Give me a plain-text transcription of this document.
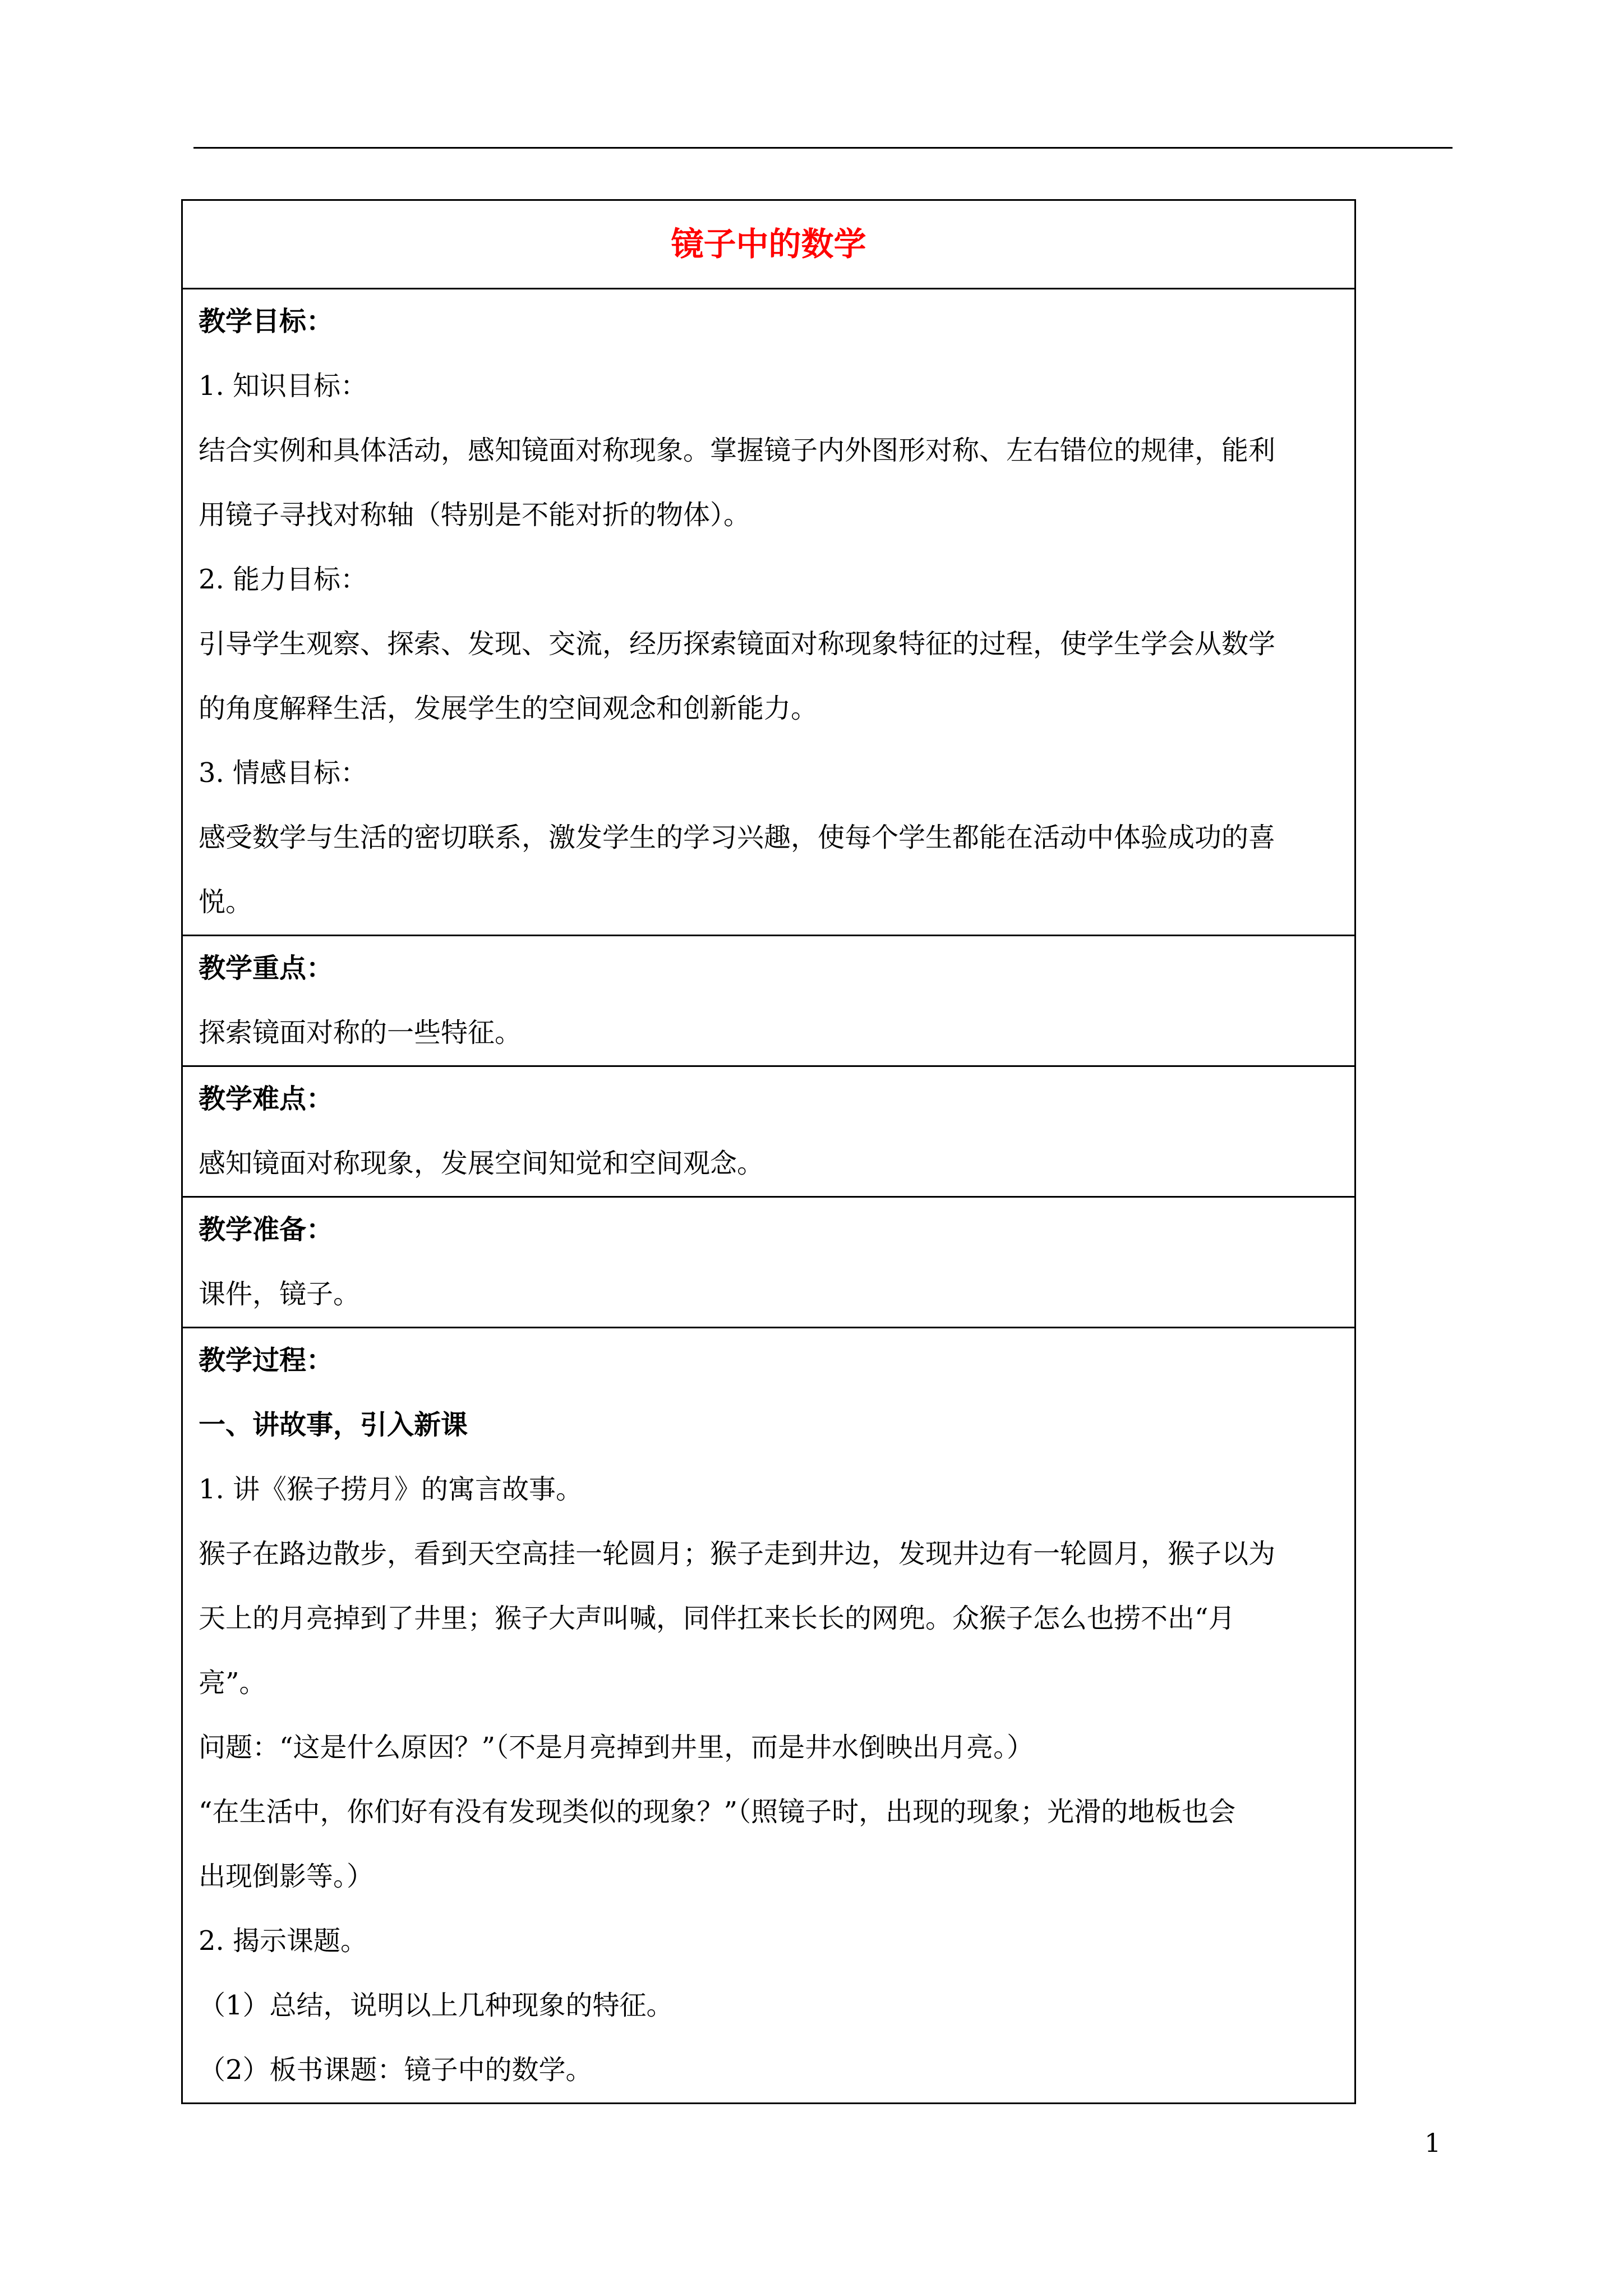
镜子中的数学

教学目标：
1. 知识目标：
结合实例和具体活动，感知镜面对称现象。掌握镜子内外图形对称、左右错位的规律，能利
用镜子寻找对称轴（特别是不能对折的物体）。
2. 能力目标：
引导学生观察、探索、发现、交流，经历探索镜面对称现象特征的过程，使学生学会从数学
的角度解释生活，发展学生的空间观念和创新能力。
3. 情感目标：
感受数学与生活的密切联系，激发学生的学习兴趣，使每个学生都能在活动中体验成功的喜
悦。

教学重点：
探索镜面对称的一些特征。

教学难点：
感知镜面对称现象，发展空间知觉和空间观念。

教学准备：
课件，镜子。

教学过程：
一、讲故事，引入新课
1. 讲《猴子捞月》的寓言故事。
猴子在路边散步，看到天空高挂一轮圆月；猴子走到井边，发现井边有一轮圆月，猴子以为
天上的月亮掉到了井里；猴子大声叫喊，同伴扛来长长的网兜。众猴子怎么也捞不出“月
亮”。
问题：“这是什么原因？”（不是月亮掉到井里，而是井水倒映出月亮。）
“在生活中，你们好有没有发现类似的现象？”（照镜子时，出现的现象；光滑的地板也会
出现倒影等。）
2. 揭示课题。
（1）总结，说明以上几种现象的特征。
（2）板书课题：镜子中的数学。
1
